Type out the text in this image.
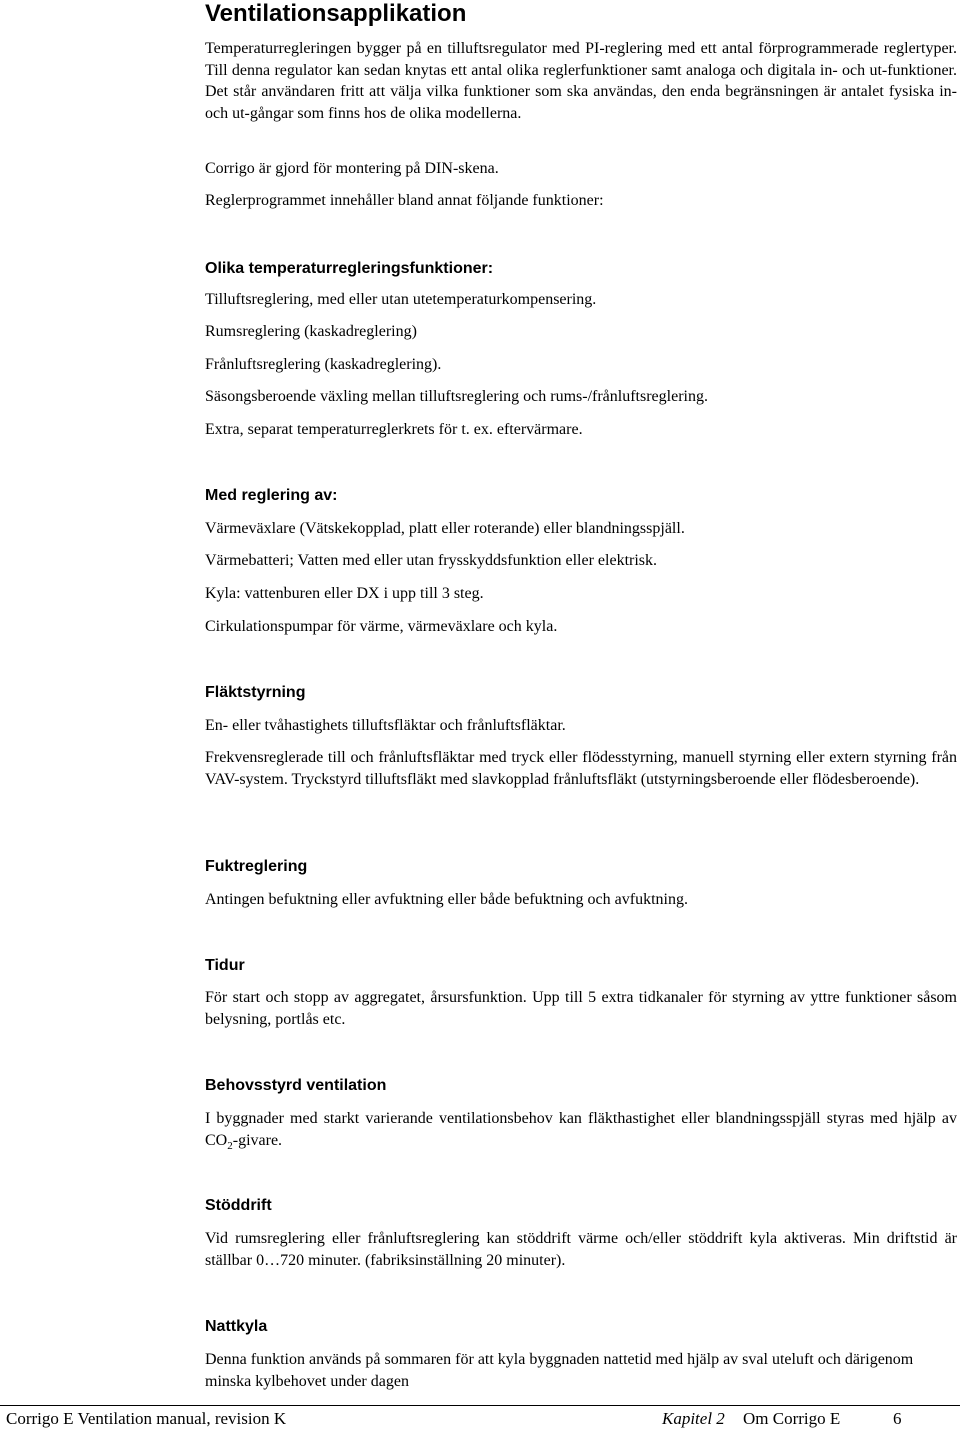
Ventilationsapplikation

Temperaturregleringen bygger på en tilluftsregulator med PI-reglering med ett antal förprogrammerade reglertyper. Till denna regulator kan sedan knytas ett antal olika reglerfunktioner samt analoga och digitala in- och ut-funktioner. Det står användaren fritt att välja vilka funktioner som ska användas, den enda begränsningen är antalet fysiska in- och ut-gångar som finns hos de olika modellerna.

Corrigo är gjord för montering på DIN-skena.

Reglerprogrammet innehåller bland annat följande funktioner:

Olika temperaturregleringsfunktioner:

Tilluftsreglering, med eller utan utetemperaturkompensering.

Rumsreglering (kaskadreglering)

Frånluftsreglering (kaskadreglering).

Säsongsberoende växling mellan tilluftsreglering och rums-/frånluftsreglering.

Extra, separat temperaturreglerkrets för t. ex. eftervärmare.

Med reglering av:

Värmeväxlare (Vätskekopplad, platt eller roterande) eller blandningsspjäll.

Värmebatteri; Vatten med eller utan frysskyddsfunktion eller elektrisk.

Kyla: vattenburen eller DX i upp till 3 steg.

Cirkulationspumpar för värme, värmeväxlare och kyla.

Fläktstyrning

En- eller tvåhastighets tilluftsfläktar och frånluftsfläktar.

Frekvensreglerade till och frånluftsfläktar med tryck eller flödesstyrning, manuell styrning eller extern styrning från VAV-system. Tryckstyrd tilluftsfläkt med slavkopplad frånluftsfläkt (utstyrningsberoende eller flödesberoende).

Fuktreglering

Antingen befuktning eller avfuktning eller både befuktning och avfuktning.

Tidur

För start och stopp av aggregatet, årsursfunktion. Upp till 5 extra tidkanaler för styrning av yttre funktioner såsom belysning, portlås etc.

Behovsstyrd ventilation

I byggnader med starkt varierande ventilationsbehov kan fläkthastighet eller blandningsspjäll styras med hjälp av $CO_2$-givare.

Stöddrift

Vid rumsreglering eller frånluftsreglering kan stöddrift värme och/eller stöddrift kyla aktiveras. Min driftstid är ställbar 0…720 minuter. (fabriksinställning 20 minuter).

Nattkyla

Denna funktion används på sommaren för att kyla byggnaden nattetid med hjälp av sval uteluft och därigenom minska kylbehovet under dagen

Corrigo E Ventilation manual, revision K	Kapitel 2 Om Corrigo E	6
